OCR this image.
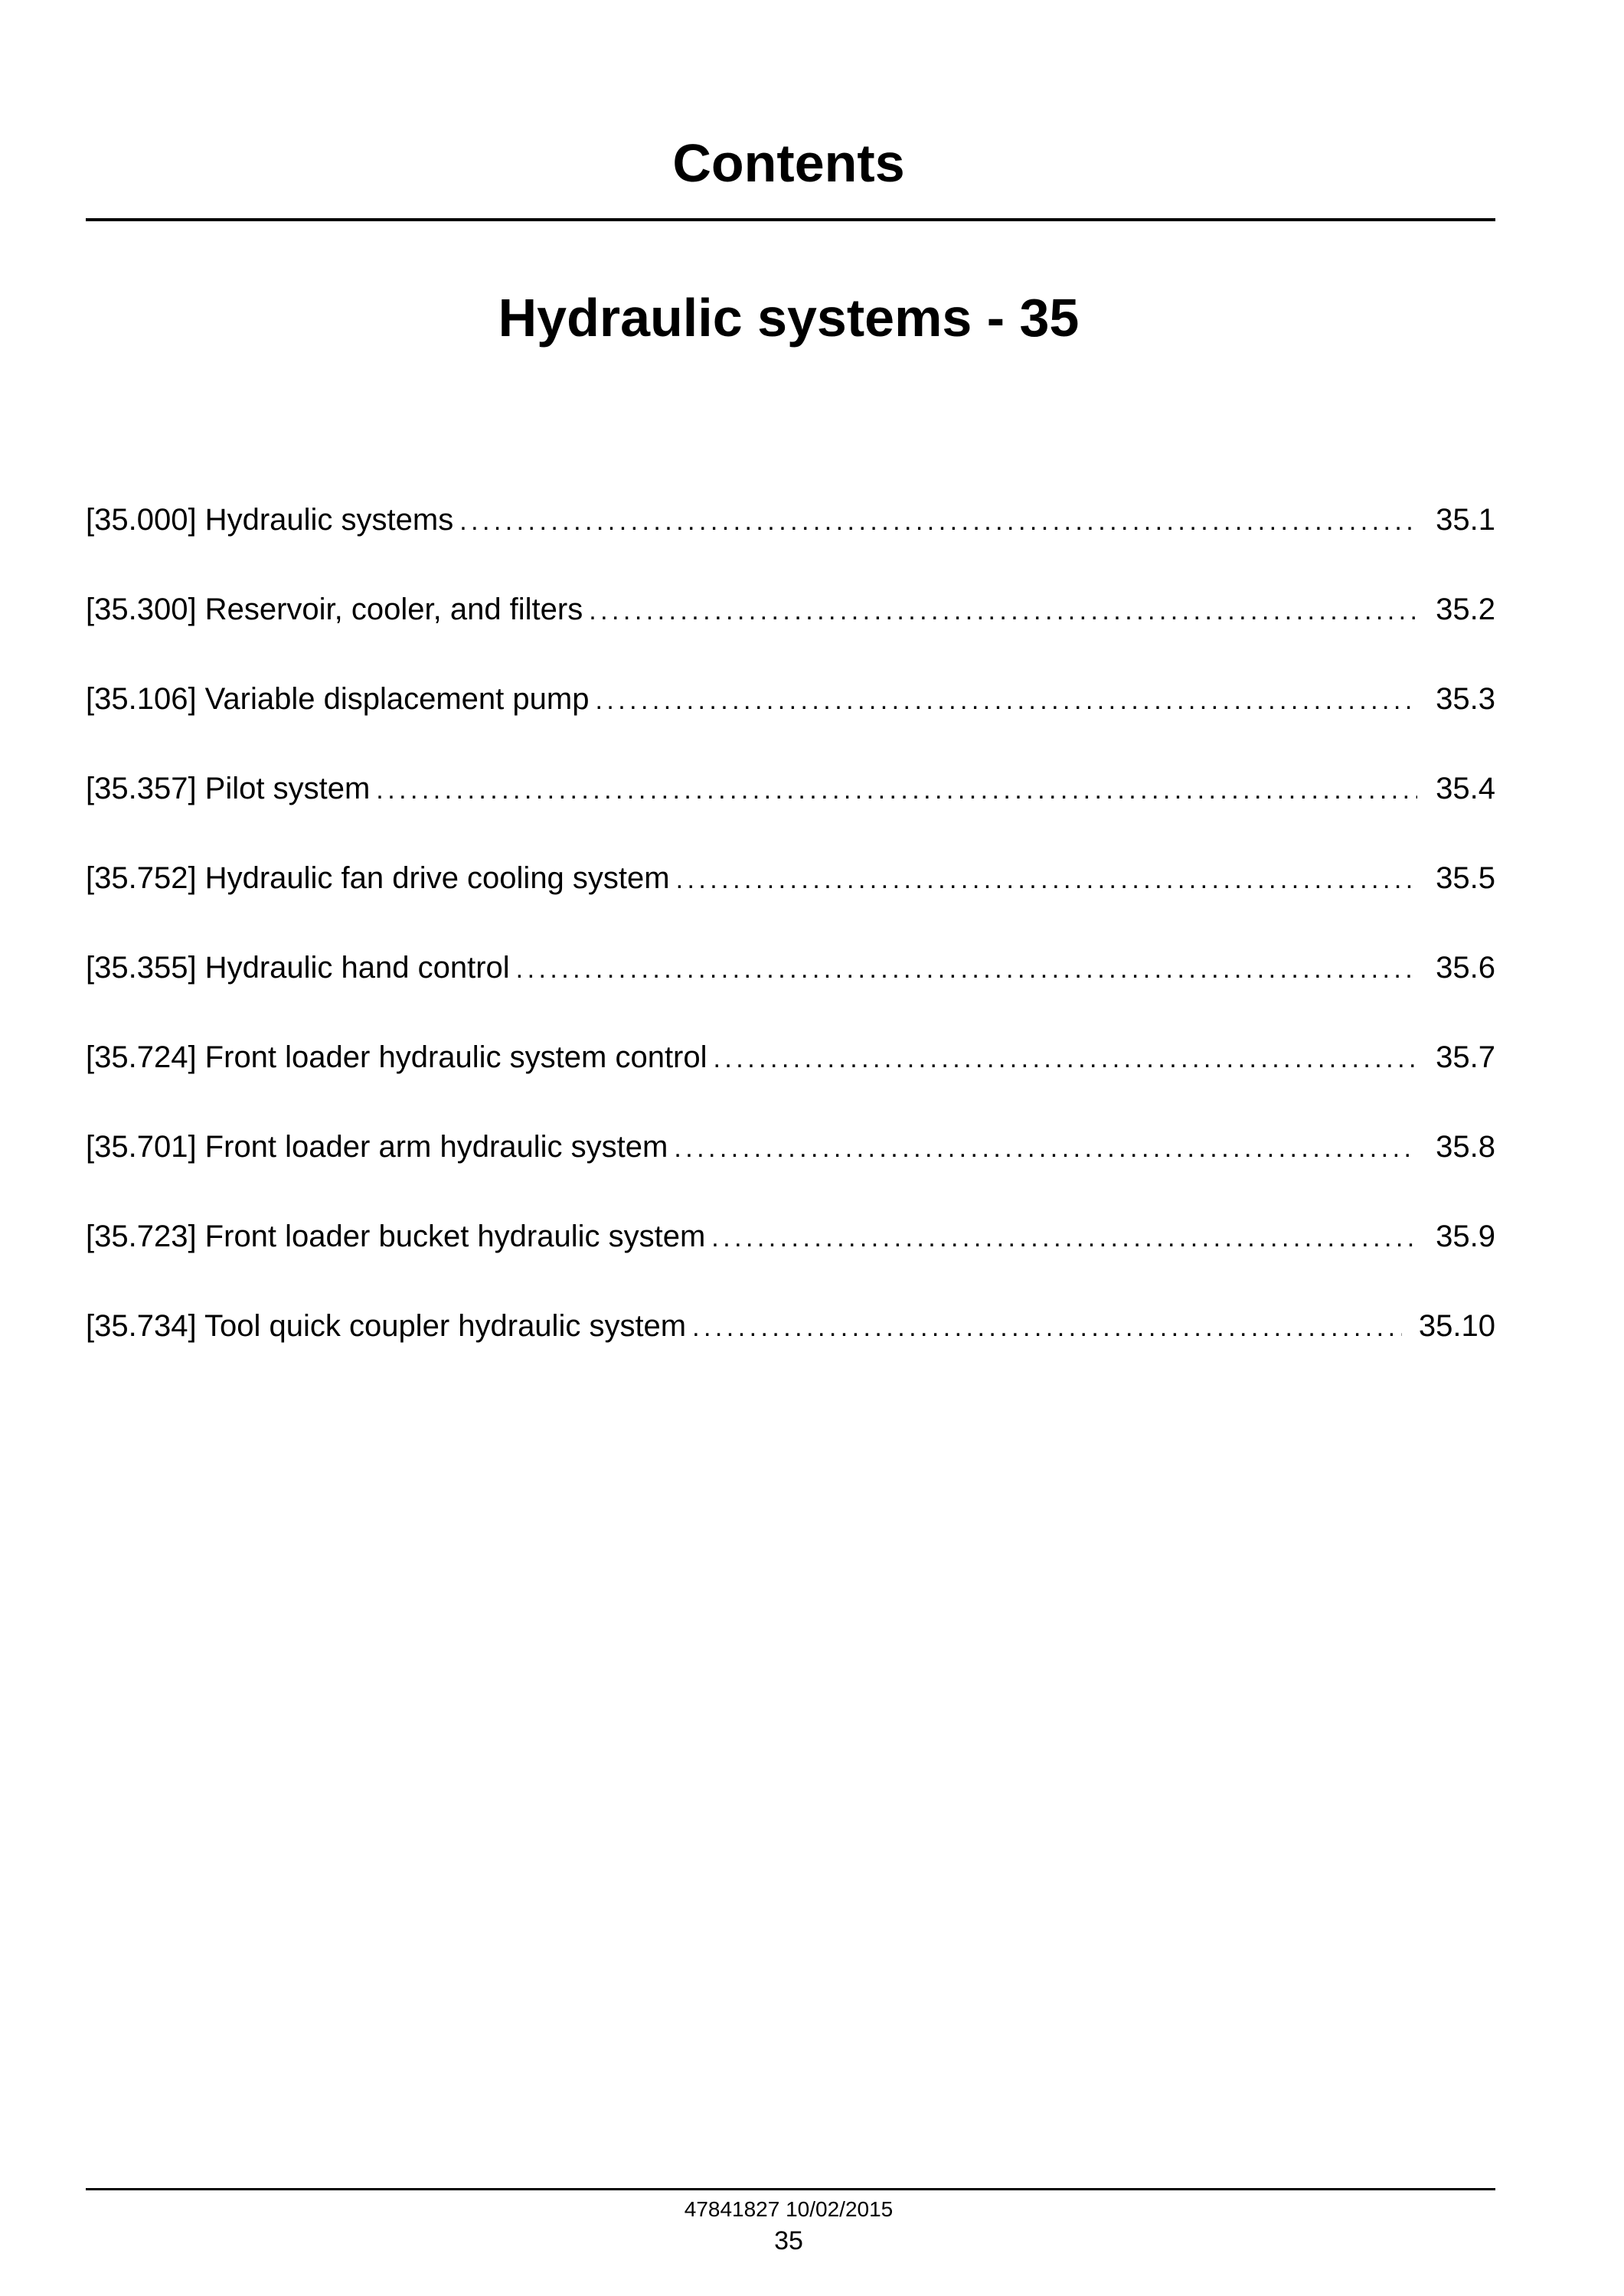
Contents
Hydraulic systems - 35
[35.000] Hydraulic systems . . .	35.1
[35.300] Reservoir, cooler, and filters . . .	35.2
[35.106] Variable displacement pump . . .	35.3
[35.357] Pilot system . . .	35.4
[35.752] Hydraulic fan drive cooling system . . .	35.5
[35.355] Hydraulic hand control . . .	35.6
[35.724] Front loader hydraulic system control . . .	35.7
[35.701] Front loader arm hydraulic system . . .	35.8
[35.723] Front loader bucket hydraulic system . . .	35.9
[35.734] Tool quick coupler hydraulic system . . .	35.10
47841827 10/02/2015
35
